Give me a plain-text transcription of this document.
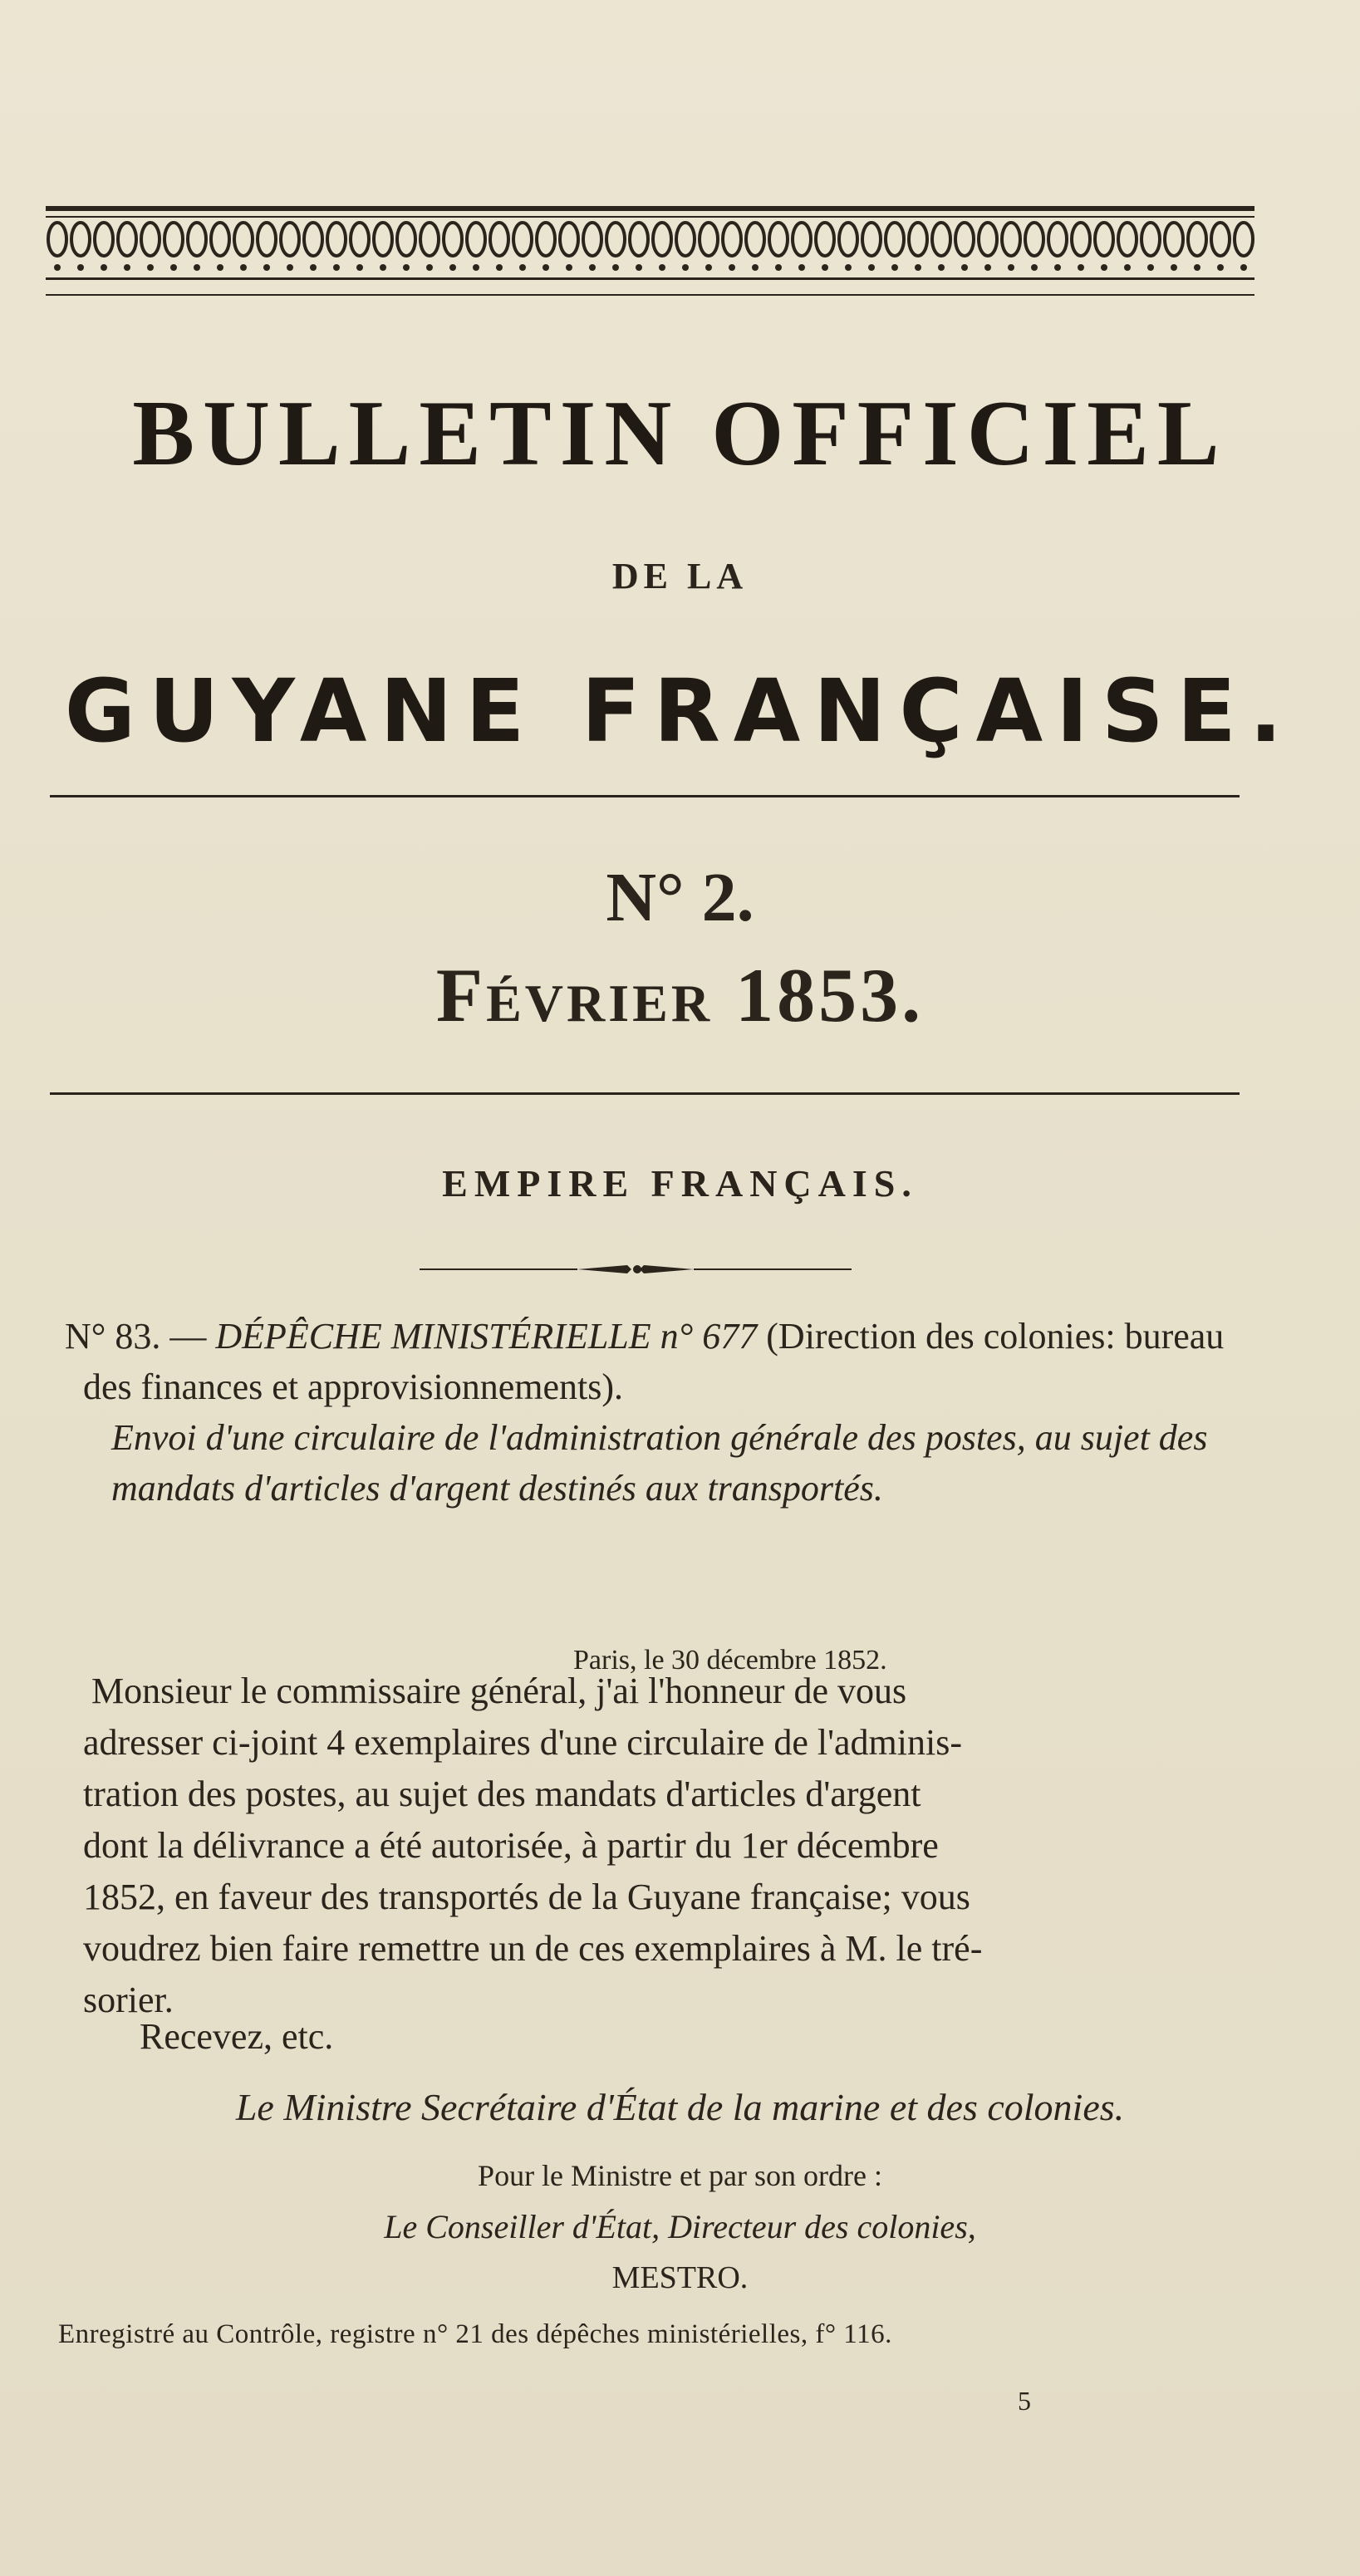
BULLETIN OFFICIEL
DE LA
GUYANE FRANÇAISE.
N° 2.
Février 1853.
EMPIRE FRANÇAIS.
N° 83. — DÉPÊCHE MINISTÉRIELLE n° 677 (Direction des colonies: bureau des finances et approvisionnements).
Envoi d'une circulaire de l'administration générale des postes, au sujet des mandats d'articles d'argent destinés aux transportés.
Paris, le 30 décembre 1852.
Monsieur le commissaire général, j'ai l'honneur de vous
adresser ci-joint 4 exemplaires d'une circulaire de l'adminis-
tration des postes, au sujet des mandats d'articles d'argent
dont la délivrance a été autorisée, à partir du 1er décembre
1852, en faveur des transportés de la Guyane française; vous
voudrez bien faire remettre un de ces exemplaires à M. le tré-
sorier.
Recevez, etc.
Le Ministre Secrétaire d'État de la marine et des colonies.
Pour le Ministre et par son ordre :
Le Conseiller d'État, Directeur des colonies,
MESTRO.
Enregistré au Contrôle, registre n° 21 des dépêches ministérielles, f° 116.
5
